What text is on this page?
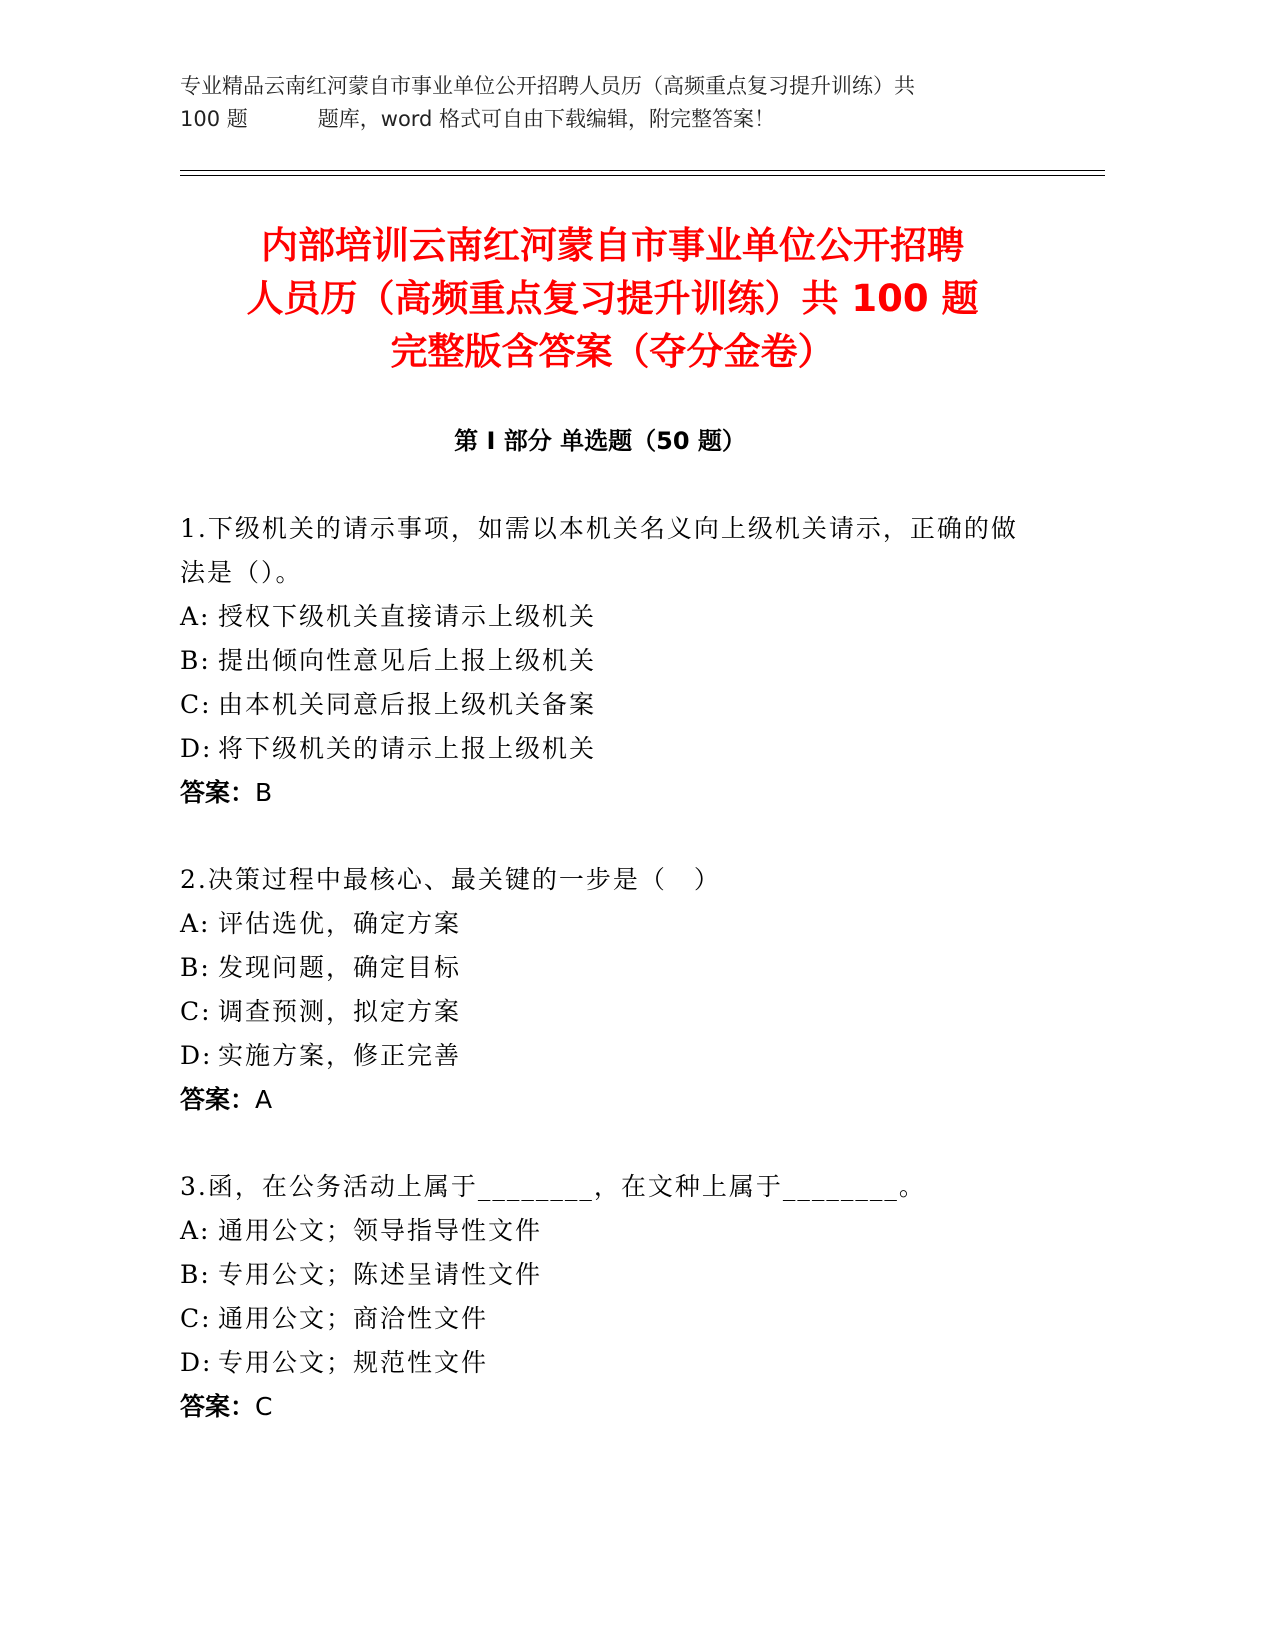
专业精品云南红河蒙自市事业单位公开招聘人员历（高频重点复习提升训练）共
100 题	题库，word 格式可自由下载编辑，附完整答案！
内部培训云南红河蒙自市事业单位公开招聘
人员历（高频重点复习提升训练）共 100 题
完整版含答案（夺分金卷）
第 I 部分 单选题（50 题）
1.下级机关的请示事项，如需以本机关名义向上级机关请示，正确的做法是（）。
A: 授权下级机关直接请示上级机关
B: 提出倾向性意见后上报上级机关
C: 由本机关同意后报上级机关备案
D: 将下级机关的请示上报上级机关
答案：B
2.决策过程中最核心、最关键的一步是（　）
A: 评估选优，确定方案
B: 发现问题，确定目标
C: 调查预测，拟定方案
D: 实施方案，修正完善
答案：A
3.函，在公务活动上属于________，在文种上属于________。
A: 通用公文；领导指导性文件
B: 专用公文；陈述呈请性文件
C: 通用公文；商洽性文件
D: 专用公文；规范性文件
答案：C
